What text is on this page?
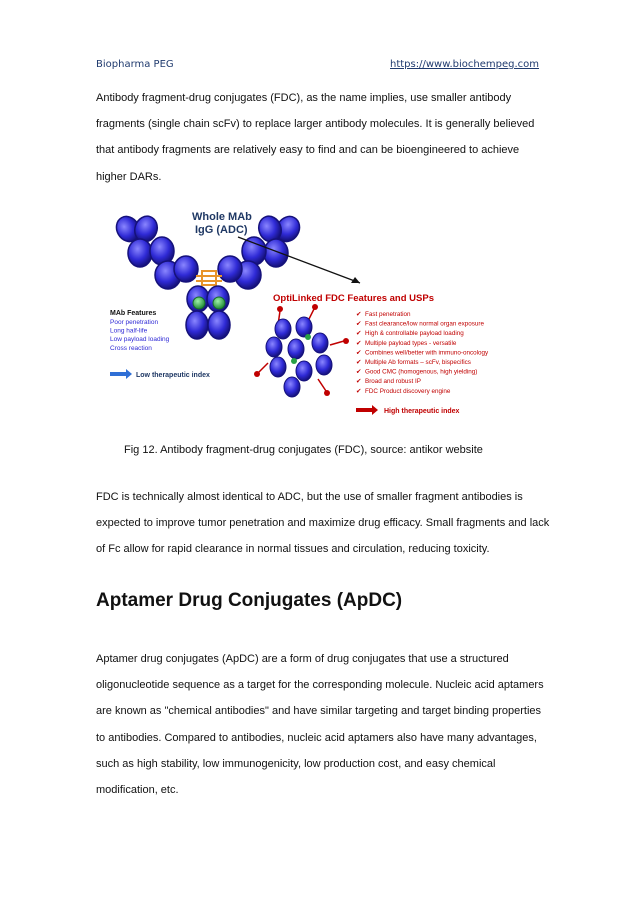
Biopharma PEG	https://www.biochempeg.com

Antibody fragment-drug conjugates (FDC), as the name implies, use smaller antibody fragments (single chain scFv) to replace larger antibody molecules. It is generally believed that antibody fragments are relatively easy to find and can be bioengineered to achieve higher DARs.

Whole MAb
IgG (ADC)
MAb Features
Poor penetration
Long half-life
Low payload loading
Cross reaction
Low therapeutic index
OptiLinked FDC Features and USPs
✔ Fast penetration
✔ Fast clearance/low normal organ exposure
✔ High & controllable payload loading
✔ Multiple payload types - versatile
✔ Combines well/better with immuno-oncology
✔ Multiple Ab formats – scFv, bispecifics
✔ Good CMC (homogenous, high yielding)
✔ Broad and robust IP
✔ FDC Product discovery engine
High therapeutic index
Fig 12. Antibody fragment-drug conjugates (FDC), source: antikor website

FDC is technically almost identical to ADC, but the use of smaller fragment antibodies is expected to improve tumor penetration and maximize drug efficacy. Small fragments and lack of Fc allow for rapid clearance in normal tissues and circulation, reducing toxicity.

Aptamer Drug Conjugates (ApDC)

Aptamer drug conjugates (ApDC) are a form of drug conjugates that use a structured oligonucleotide sequence as a target for the corresponding molecule. Nucleic acid aptamers are known as "chemical antibodies" and have similar targeting and target binding properties to antibodies. Compared to antibodies, nucleic acid aptamers also have many advantages, such as high stability, low immunogenicity, low production cost, and easy chemical modification, etc.
